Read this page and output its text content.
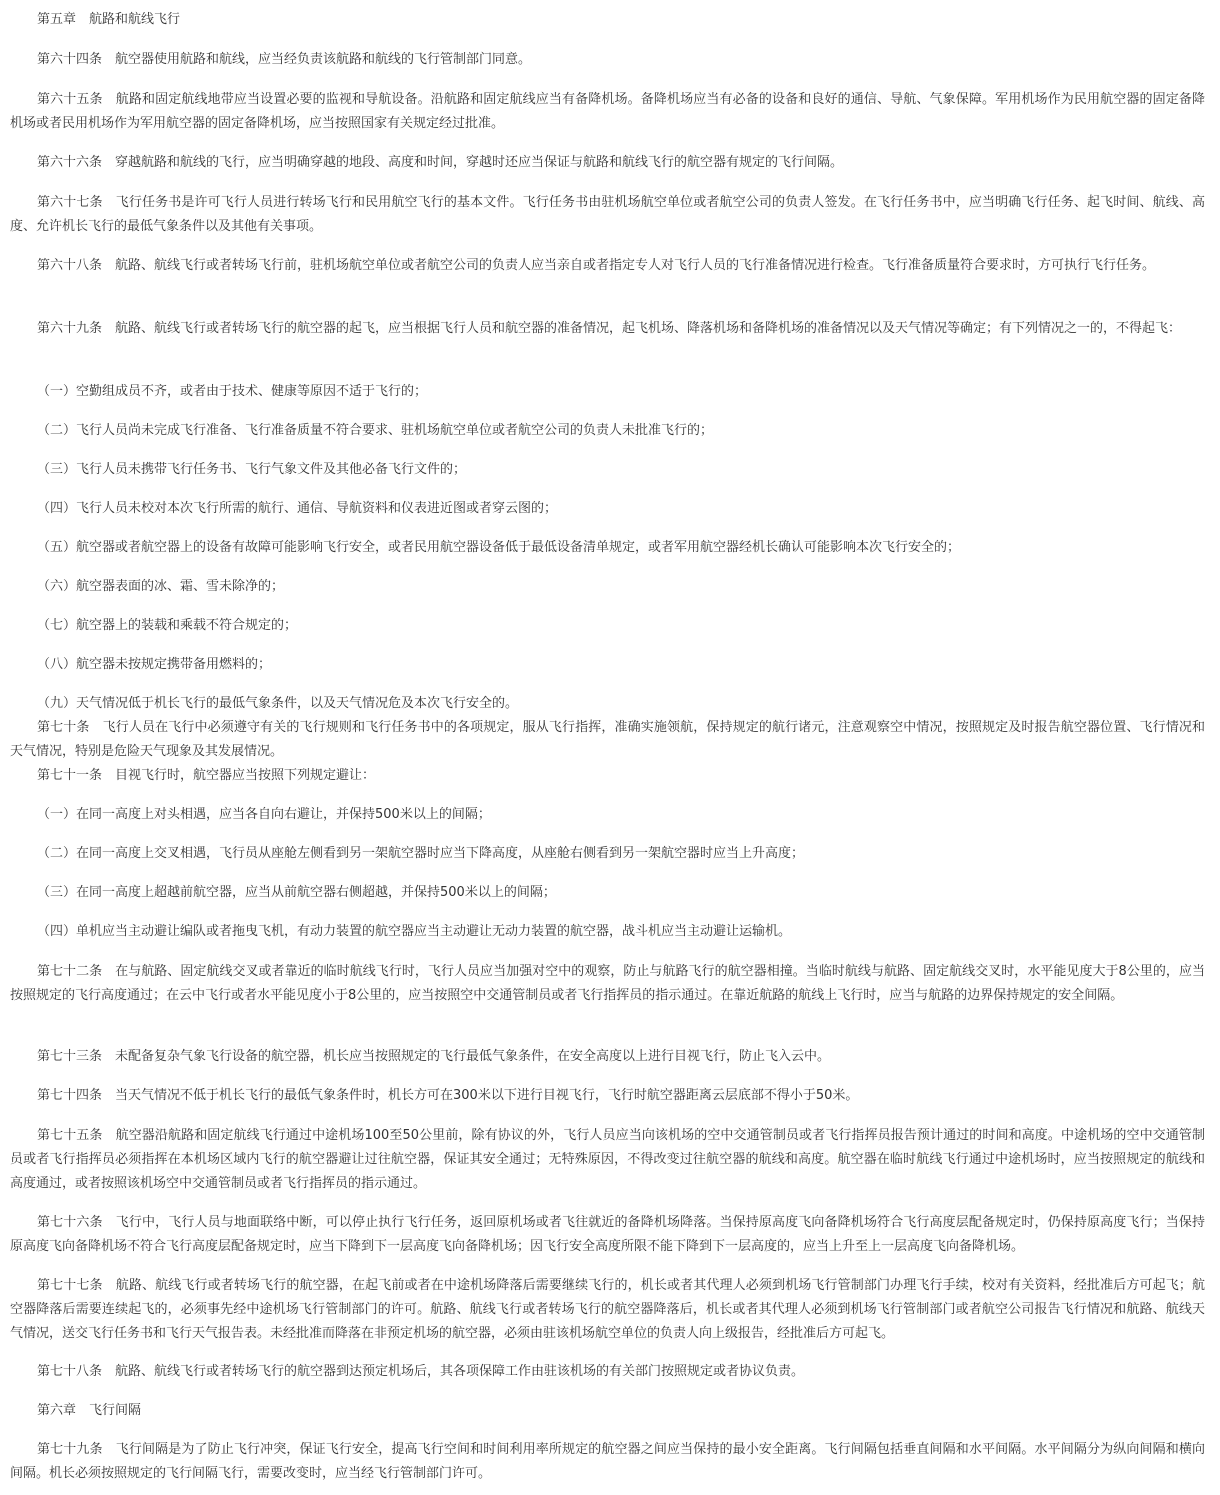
第五章　航路和航线飞行

第六十四条　航空器使用航路和航线，应当经负责该航路和航线的飞行管制部门同意。

第六十五条　航路和固定航线地带应当设置必要的监视和导航设备。沿航路和固定航线应当有备降机场。备降机场应当有必备的设备和良好的通信、导航、气象保障。军用机场作为民用航空器的固定备降机场或者民用机场作为军用航空器的固定备降机场，应当按照国家有关规定经过批准。

第六十六条　穿越航路和航线的飞行，应当明确穿越的地段、高度和时间，穿越时还应当保证与航路和航线飞行的航空器有规定的飞行间隔。

第六十七条　飞行任务书是许可飞行人员进行转场飞行和民用航空飞行的基本文件。飞行任务书由驻机场航空单位或者航空公司的负责人签发。在飞行任务书中，应当明确飞行任务、起飞时间、航线、高度、允许机长飞行的最低气象条件以及其他有关事项。

第六十八条　航路、航线飞行或者转场飞行前，驻机场航空单位或者航空公司的负责人应当亲自或者指定专人对飞行人员的飞行准备情况进行检查。飞行准备质量符合要求时，方可执行飞行任务。

第六十九条　航路、航线飞行或者转场飞行的航空器的起飞，应当根据飞行人员和航空器的准备情况，起飞机场、降落机场和备降机场的准备情况以及天气情况等确定；有下列情况之一的，不得起飞：

（一）空勤组成员不齐，或者由于技术、健康等原因不适于飞行的；

（二）飞行人员尚未完成飞行准备、飞行准备质量不符合要求、驻机场航空单位或者航空公司的负责人未批准飞行的；

（三）飞行人员未携带飞行任务书、飞行气象文件及其他必备飞行文件的；

（四）飞行人员未校对本次飞行所需的航行、通信、导航资料和仪表进近图或者穿云图的；

（五）航空器或者航空器上的设备有故障可能影响飞行安全，或者民用航空器设备低于最低设备清单规定，或者军用航空器经机长确认可能影响本次飞行安全的；

（六）航空器表面的冰、霜、雪未除净的；

（七）航空器上的装载和乘载不符合规定的；

（八）航空器未按规定携带备用燃料的；

（九）天气情况低于机长飞行的最低气象条件，以及天气情况危及本次飞行安全的。

第七十条　飞行人员在飞行中必须遵守有关的飞行规则和飞行任务书中的各项规定，服从飞行指挥，准确实施领航，保持规定的航行诸元，注意观察空中情况，按照规定及时报告航空器位置、飞行情况和天气情况，特别是危险天气现象及其发展情况。

第七十一条　目视飞行时，航空器应当按照下列规定避让：

（一）在同一高度上对头相遇，应当各自向右避让，并保持500米以上的间隔；

（二）在同一高度上交叉相遇，飞行员从座舱左侧看到另一架航空器时应当下降高度，从座舱右侧看到另一架航空器时应当上升高度；

（三）在同一高度上超越前航空器，应当从前航空器右侧超越，并保持500米以上的间隔；

（四）单机应当主动避让编队或者拖曳飞机，有动力装置的航空器应当主动避让无动力装置的航空器，战斗机应当主动避让运输机。

第七十二条　在与航路、固定航线交叉或者靠近的临时航线飞行时，飞行人员应当加强对空中的观察，防止与航路飞行的航空器相撞。当临时航线与航路、固定航线交叉时，水平能见度大于8公里的，应当按照规定的飞行高度通过；在云中飞行或者水平能见度小于8公里的，应当按照空中交通管制员或者飞行指挥员的指示通过。在靠近航路的航线上飞行时，应当与航路的边界保持规定的安全间隔。

第七十三条　未配备复杂气象飞行设备的航空器，机长应当按照规定的飞行最低气象条件，在安全高度以上进行目视飞行，防止飞入云中。

第七十四条　当天气情况不低于机长飞行的最低气象条件时，机长方可在300米以下进行目视飞行，飞行时航空器距离云层底部不得小于50米。

第七十五条　航空器沿航路和固定航线飞行通过中途机场100至50公里前，除有协议的外，飞行人员应当向该机场的空中交通管制员或者飞行指挥员报告预计通过的时间和高度。中途机场的空中交通管制员或者飞行指挥员必须指挥在本机场区域内飞行的航空器避让过往航空器，保证其安全通过；无特殊原因，不得改变过往航空器的航线和高度。航空器在临时航线飞行通过中途机场时，应当按照规定的航线和高度通过，或者按照该机场空中交通管制员或者飞行指挥员的指示通过。

第七十六条　飞行中，飞行人员与地面联络中断，可以停止执行飞行任务，返回原机场或者飞往就近的备降机场降落。当保持原高度飞向备降机场符合飞行高度层配备规定时，仍保持原高度飞行；当保持原高度飞向备降机场不符合飞行高度层配备规定时，应当下降到下一层高度飞向备降机场；因飞行安全高度所限不能下降到下一层高度的，应当上升至上一层高度飞向备降机场。

第七十七条　航路、航线飞行或者转场飞行的航空器，在起飞前或者在中途机场降落后需要继续飞行的，机长或者其代理人必须到机场飞行管制部门办理飞行手续，校对有关资料，经批准后方可起飞；航空器降落后需要连续起飞的，必须事先经中途机场飞行管制部门的许可。航路、航线飞行或者转场飞行的航空器降落后，机长或者其代理人必须到机场飞行管制部门或者航空公司报告飞行情况和航路、航线天气情况，送交飞行任务书和飞行天气报告表。未经批准而降落在非预定机场的航空器，必须由驻该机场航空单位的负责人向上级报告，经批准后方可起飞。

第七十八条　航路、航线飞行或者转场飞行的航空器到达预定机场后，其各项保障工作由驻该机场的有关部门按照规定或者协议负责。

第六章　飞行间隔

第七十九条　飞行间隔是为了防止飞行冲突，保证飞行安全，提高飞行空间和时间利用率所规定的航空器之间应当保持的最小安全距离。飞行间隔包括垂直间隔和水平间隔。水平间隔分为纵向间隔和横向间隔。机长必须按照规定的飞行间隔飞行，需要改变时，应当经飞行管制部门许可。
